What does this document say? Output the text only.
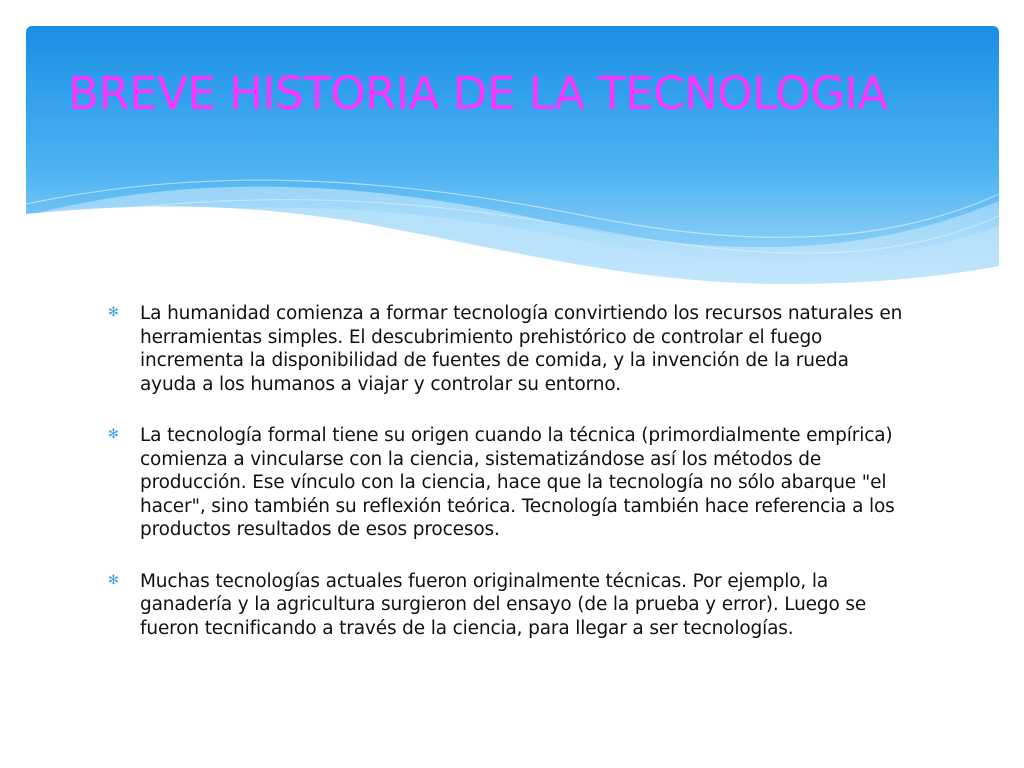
BREVE HISTORIA DE LA TECNOLOGIA
✻ La humanidad comienza a formar tecnología convirtiendo los recursos naturales en herramientas simples. El descubrimiento prehistórico de controlar el fuego incrementa la disponibilidad de fuentes de comida, y la invención de la rueda ayuda a los humanos a viajar y controlar su entorno.
✻ La tecnología formal tiene su origen cuando la técnica (primordialmente empírica) comienza a vincularse con la ciencia, sistematizándose así los métodos de producción. Ese vínculo con la ciencia, hace que la tecnología no sólo abarque "el hacer", sino también su reflexión teórica. Tecnología también hace referencia a los productos resultados de esos procesos.
✻ Muchas tecnologías actuales fueron originalmente técnicas. Por ejemplo, la ganadería y la agricultura surgieron del ensayo (de la prueba y error). Luego se fueron tecnificando a través de la ciencia, para llegar a ser tecnologías.
